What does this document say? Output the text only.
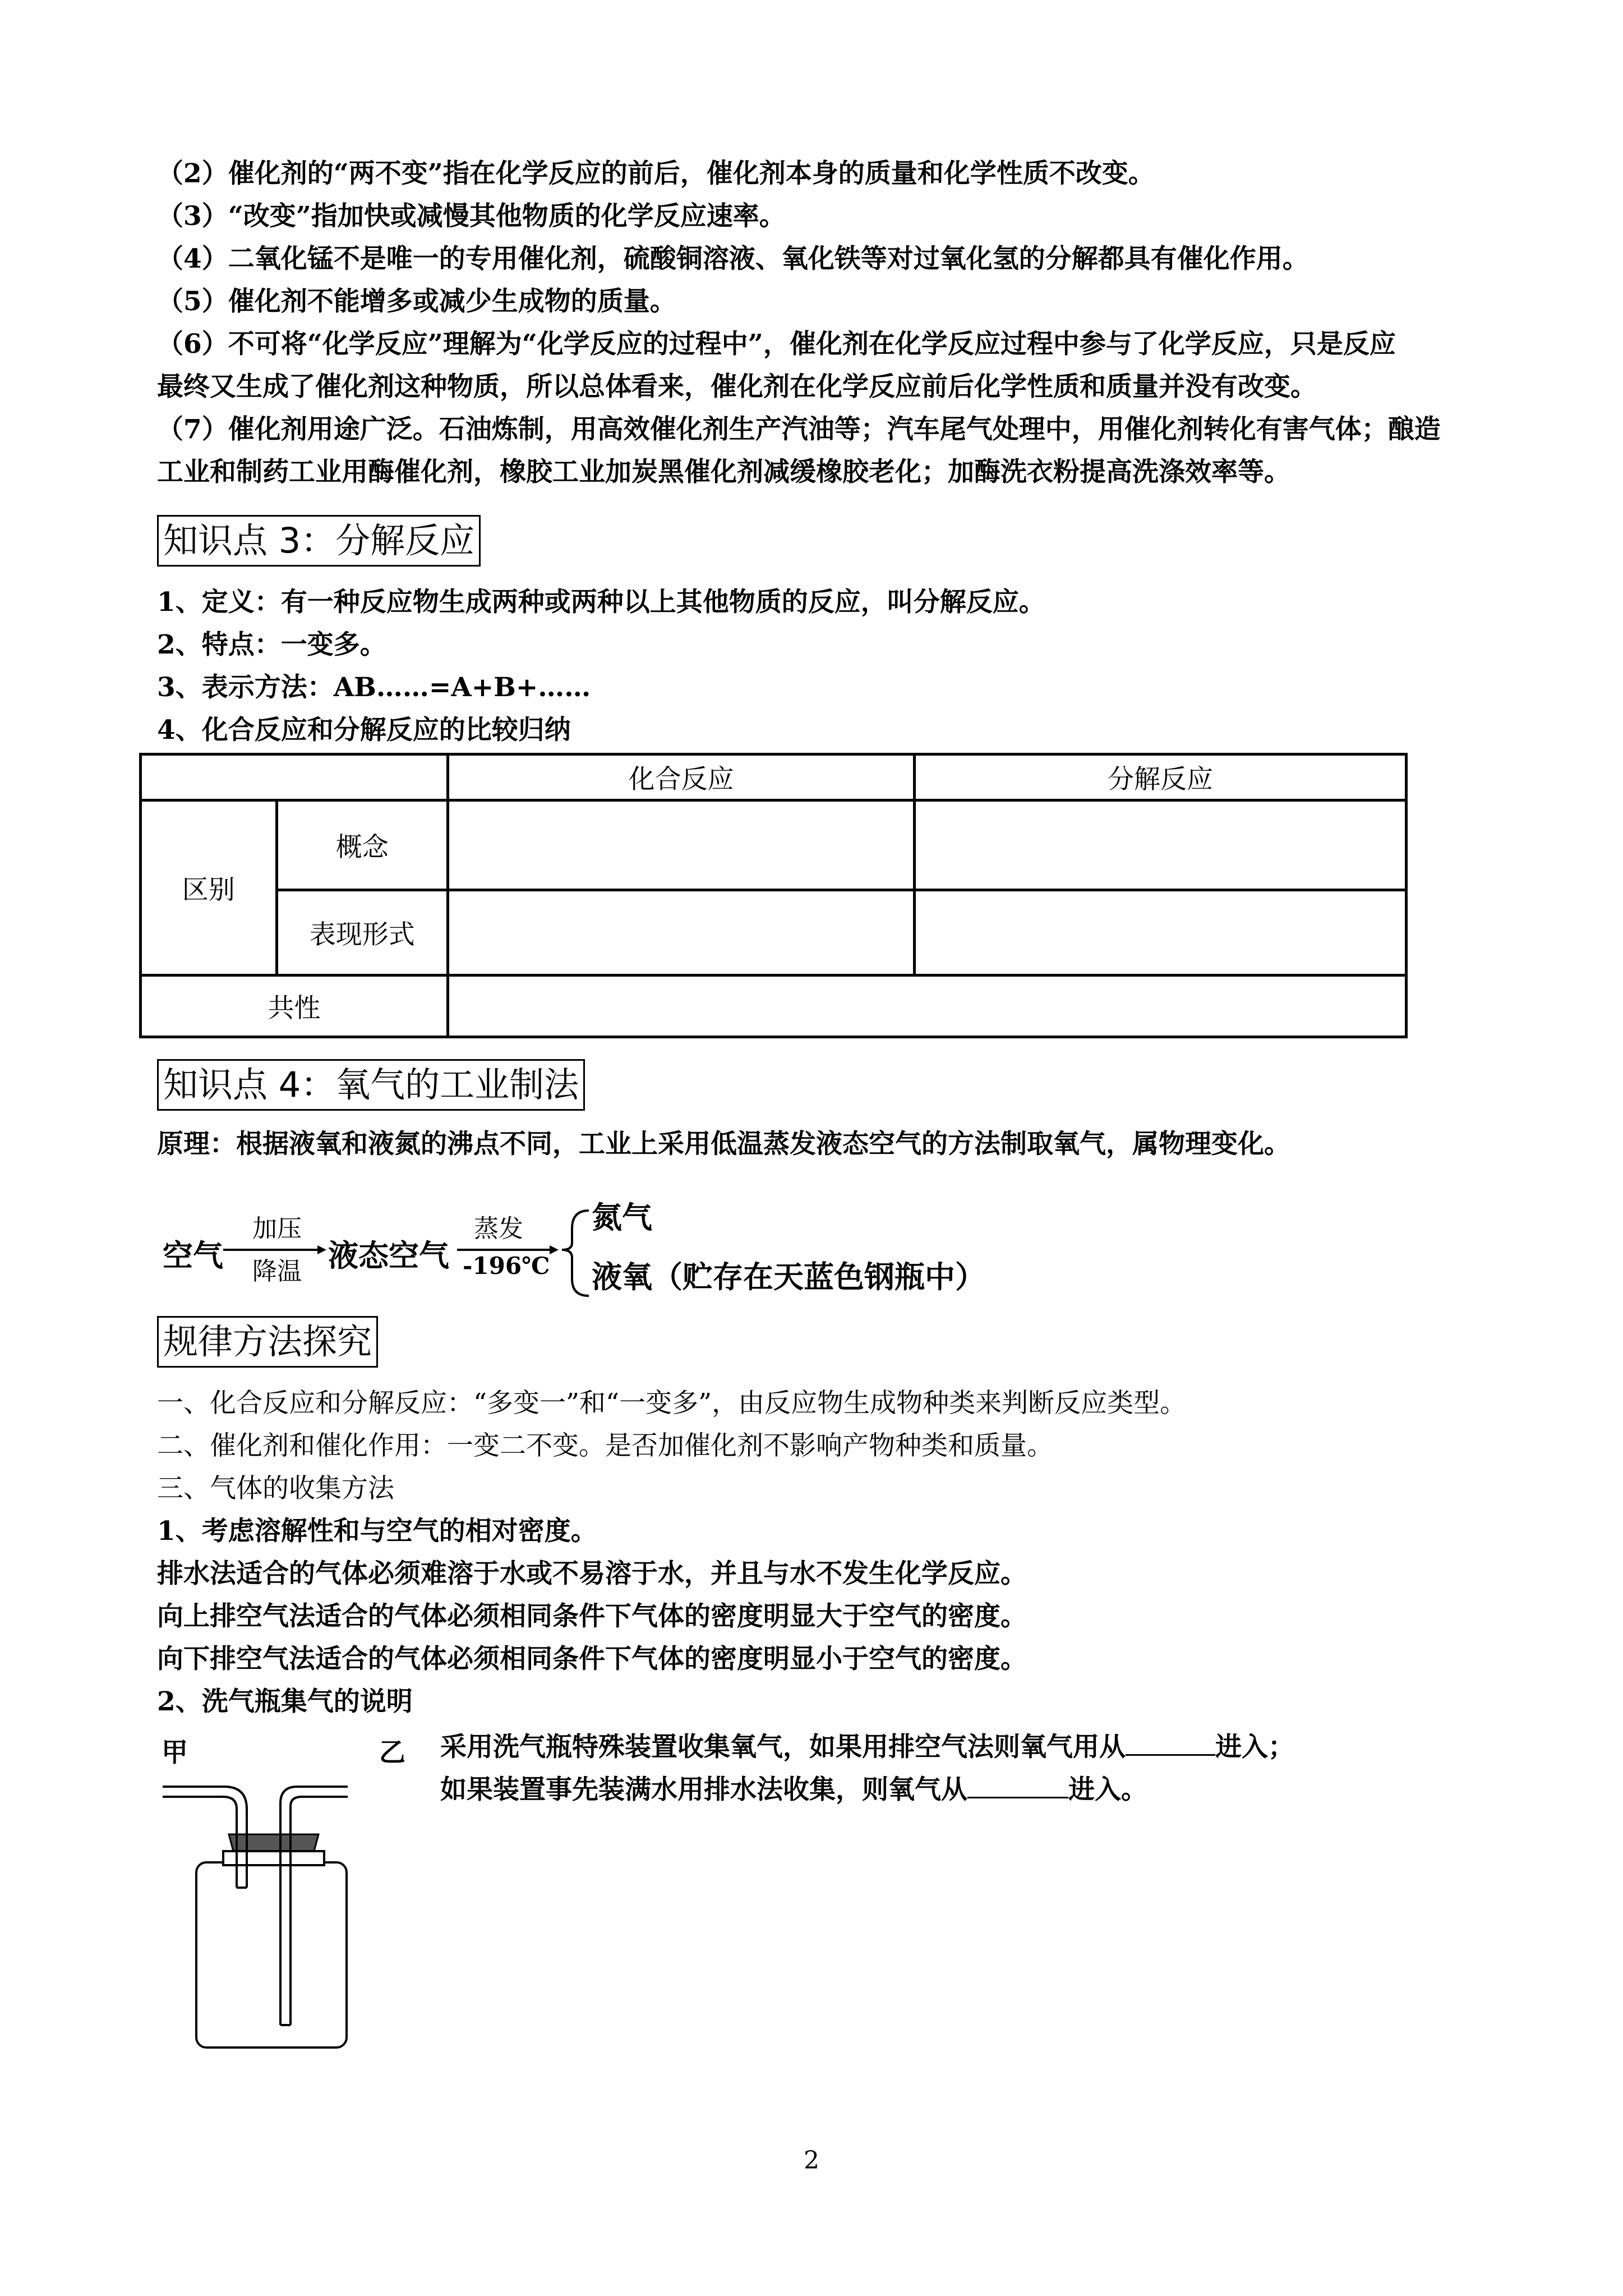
（2）催化剂的“两不变”指在化学反应的前后，催化剂本身的质量和化学性质不改变。
（3）“改变”指加快或减慢其他物质的化学反应速率。
（4）二氧化锰不是唯一的专用催化剂，硫酸铜溶液、氧化铁等对过氧化氢的分解都具有催化作用。
（5）催化剂不能增多或减少生成物的质量。
（6）不可将“化学反应”理解为“化学反应的过程中”，催化剂在化学反应过程中参与了化学反应，只是反应
最终又生成了催化剂这种物质，所以总体看来，催化剂在化学反应前后化学性质和质量并没有改变。
（7）催化剂用途广泛。石油炼制，用高效催化剂生产汽油等；汽车尾气处理中，用催化剂转化有害气体；酿造
工业和制药工业用酶催化剂，橡胶工业加炭黑催化剂减缓橡胶老化；加酶洗衣粉提高洗涤效率等。
知识点 3：分解反应
1、定义：有一种反应物生成两种或两种以上其他物质的反应，叫分解反应。
2、特点：一变多。
3、表示方法：AB……=A+B+……
4、化合反应和分解反应的比较归纳
		化合反应	分解反应
区别	概念		
	表现形式		
共性			
知识点 4：氧气的工业制法
原理：根据液氧和液氮的沸点不同，工业上采用低温蒸发液态空气的方法制取氧气，属物理变化。
空气
加压
降温 液态空气
蒸发
-196℃
氮气
液氧（贮存在天蓝色钢瓶中）
规律方法探究
一、化合反应和分解反应：“多变一”和“一变多”，由反应物生成物种类来判断反应类型。
二、催化剂和催化作用：一变二不变。是否加催化剂不影响产物种类和质量。
三、气体的收集方法
1、考虑溶解性和与空气的相对密度。
排水法适合的气体必须难溶于水或不易溶于水，并且与水不发生化学反应。
向上排空气法适合的气体必须相同条件下气体的密度明显大于空气的密度。
向下排空气法适合的气体必须相同条件下气体的密度明显小于空气的密度。
2、洗气瓶集气的说明
甲	乙 采用洗气瓶特殊装置收集氧气，如果用排空气法则氧气用从	进入；
如果装置事先装满水用排水法收集，则氧气从	进入。
2
